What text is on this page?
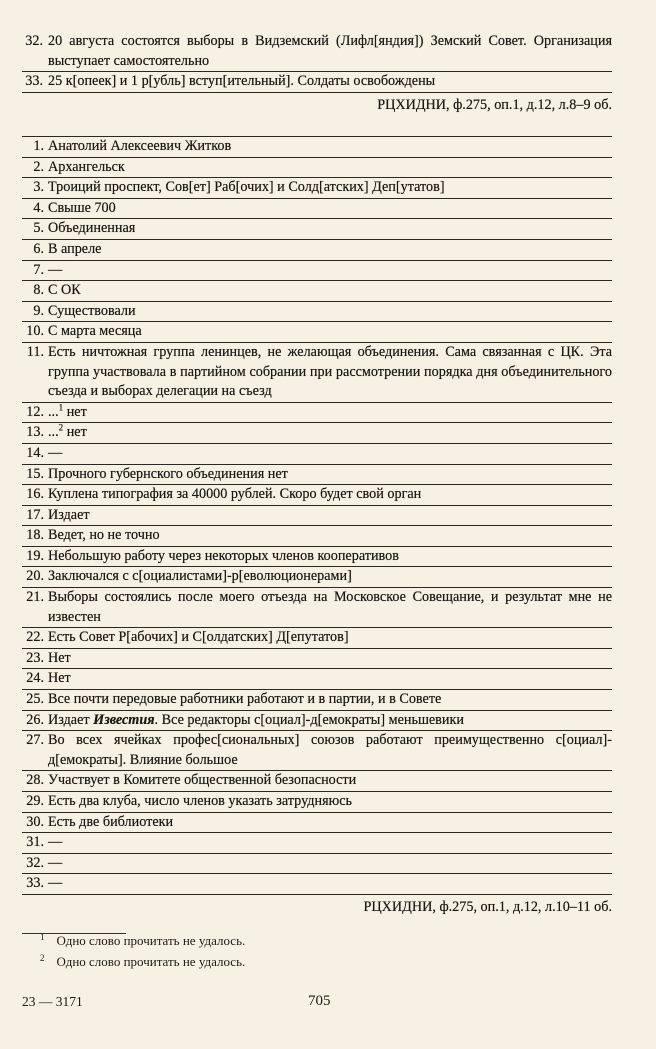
32. 20 августа состоятся выборы в Видземский (Лифл[яндия]) Земский Совет. Организация выступает самостоятельно
33. 25 к[опеек] и 1 р[убль] вступ[ительный]. Солдаты освобождены
РЦХИДНИ, ф.275, оп.1, д.12, л.8–9 об.
1. Анатолий Алексеевич Житков
2. Архангельск
3. Троиций проспект, Сов[ет] Раб[очих] и Солд[атских] Деп[утатов]
4. Свыше 700
5. Объединенная
6. В апреле
7. —
8. С ОК
9. Существовали
10. С марта месяца
11. Есть ничтожная группа ленинцев, не желающая объединения. Сама связанная с ЦК. Эта группа участвовала в партийном собрании при рассмотрении порядка дня объединительного съезда и выборах делегации на съезд
12. ...$^1$ нет
13. ...$^2$ нет
14. —
15. Прочного губернского объединения нет
16. Куплена типография за 40000 рублей. Скоро будет свой орган
17. Издает
18. Ведет, но не точно
19. Небольшую работу через некоторых членов кооперативов
20. Заключался с с[оциалистами]-р[еволюционерами]
21. Выборы состоялись после моего отъезда на Московское Совещание, и результат мне не известен
22. Есть Совет Р[абочих] и С[олдатских] Д[епутатов]
23. Нет
24. Нет
25. Все почти передовые работники работают и в партии, и в Совете
26. Издает Известия. Все редакторы с[оциал]-д[емократы] меньшевики
27. Во всех ячейках профес[сиональных] союзов работают преимущественно с[оциал]-д[емократы]. Влияние большое
28. Участвует в Комитете общественной безопасности
29. Есть два клуба, число членов указать затрудняюсь
30. Есть две библиотеки
31. —
32. —
33. —
РЦХИДНИ, ф.275, оп.1, д.12, л.10–11 об.
$^1$ Одно слово прочитать не удалось.
$^2$ Одно слово прочитать не удалось.
23 — 3171	705
